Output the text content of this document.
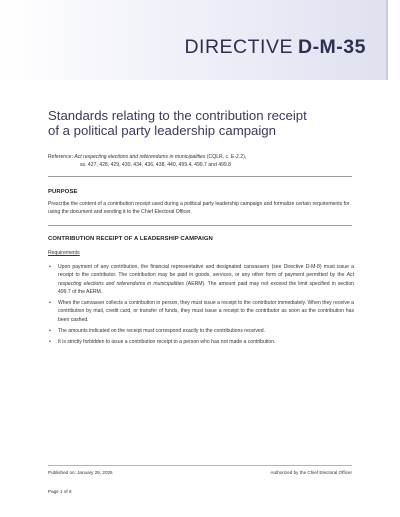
DIRECTIVE D-M-35
Standards relating to the contribution receipt
of a political party leadership campaign
Reference: Act respecting elections and referendums in municipalities (CQLR, c. E-2.2),
ss. 427, 428, 429, 430, 434, 436, 438, 440, 499.4, 499.7 and 499.8
PURPOSE
Prescribe the content of a contribution receipt used during a political party leadership campaign and formalize certain requirements for using the document and sending it to the Chief Electoral Officer.
CONTRIBUTION RECEIPT OF A LEADERSHIP CAMPAIGN
Requirements
• Upon payment of any contribution, the financial representative and designated canvassers (see Directive D-M-8) must issue a receipt to the contributor. The contribution may be paid in goods, services, or any other form of payment permitted by the Act respecting elections and referendums in municipalities (AERM). The amount paid may not exceed the limit specified in section 499.7 of the AERM.
• When the canvasser collects a contribution in person, they must issue a receipt to the contributor immediately. When they receive a contribution by mail, credit card, or transfer of funds, they must issue a receipt to the contributor as soon as the contribution has been cashed.
• The amounts indicated on the receipt must correspond exactly to the contributions received.
• It is strictly forbidden to issue a contribution receipt to a person who has not made a contribution.
Published on: January 29, 2025	Authorized by the Chief Electoral Officer
Page 1 of 8
